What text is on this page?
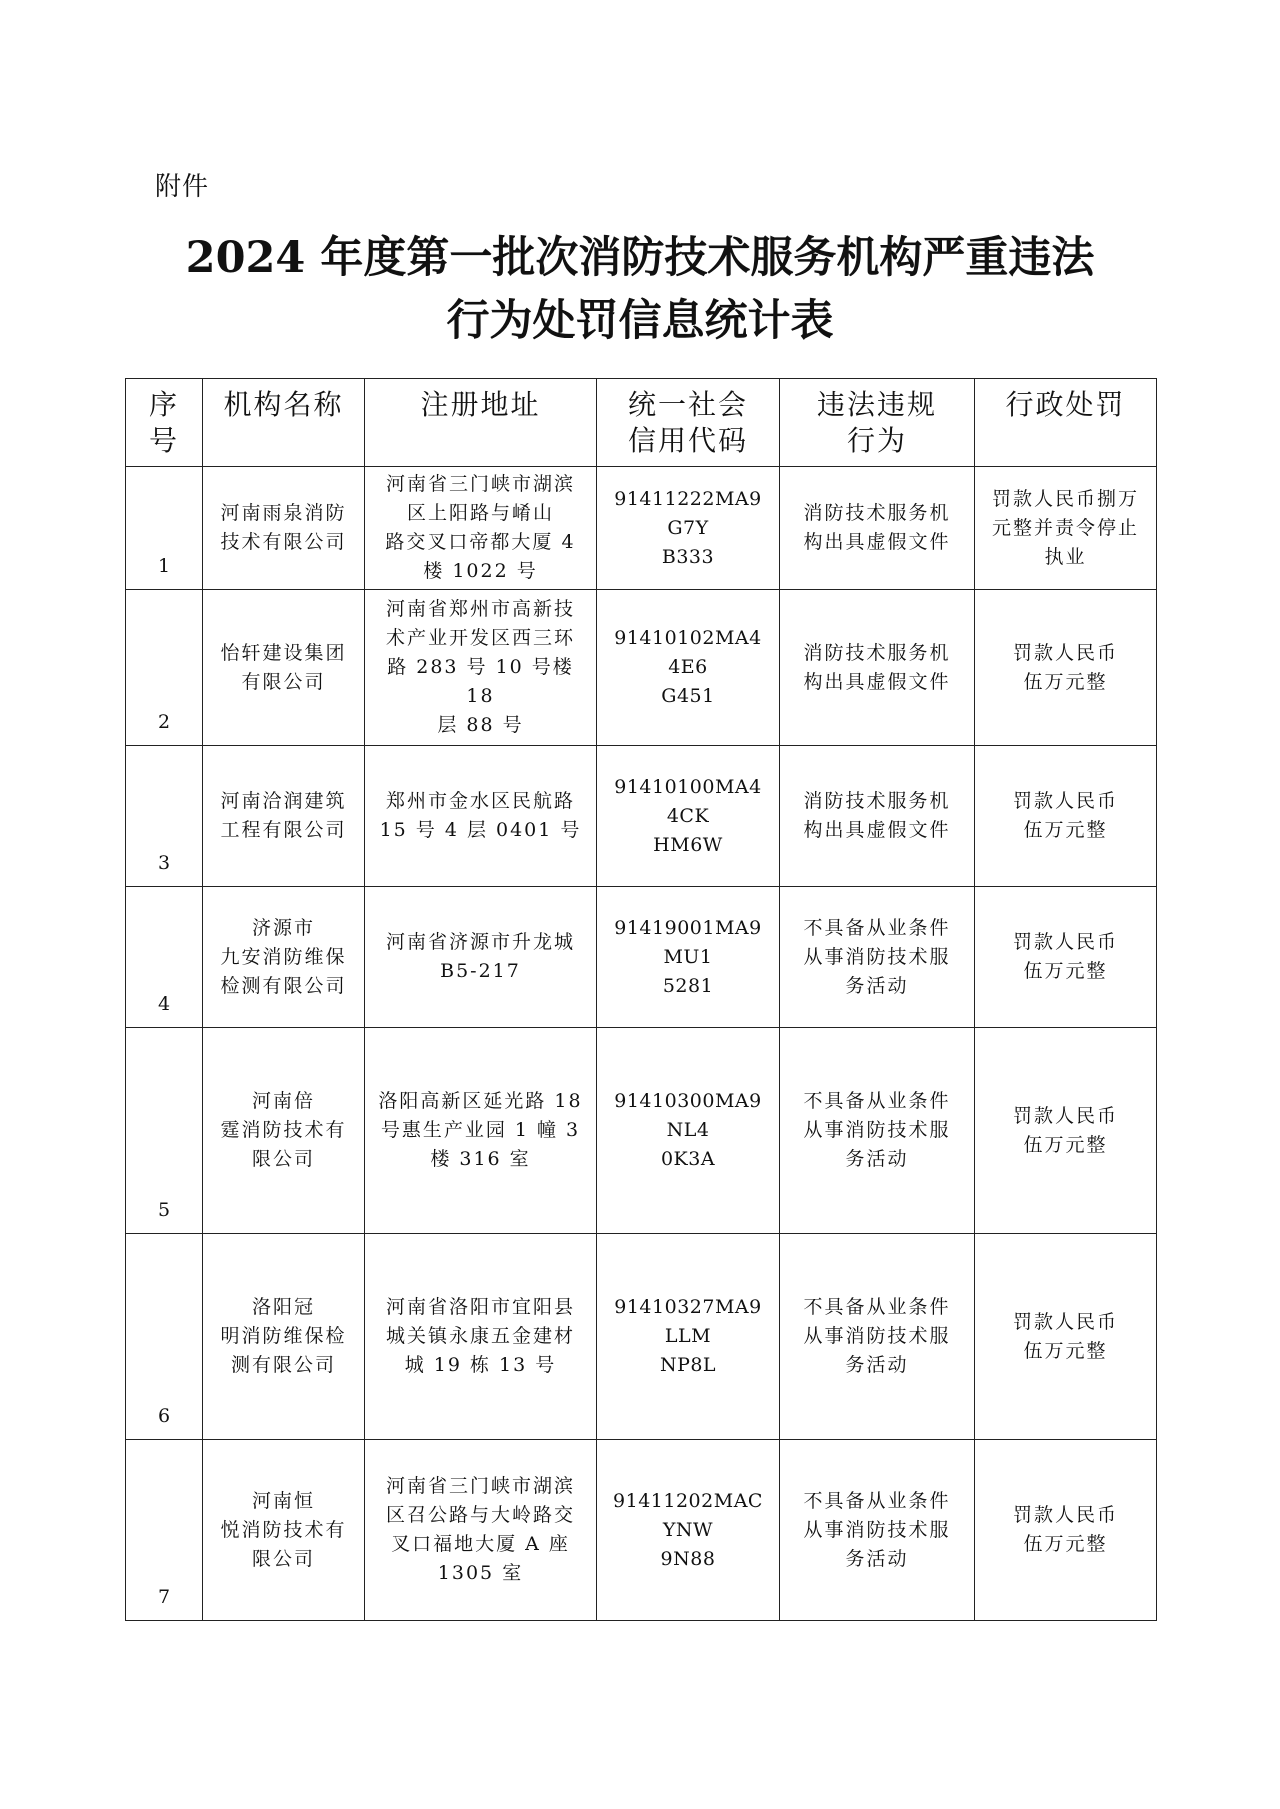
附件
2024 年度第一批次消防技术服务机构严重违法
行为处罚信息统计表
序
号	机构名称	注册地址	统一社会
信用代码	违法违规
行为	行政处罚

1	河南雨泉消防
技术有限公司	河南省三门峡市湖滨
区上阳路与崤山
路交叉口帝都大厦 4
楼 1022 号	91411222MA9G7Y
B333	消防技术服务机
构出具虚假文件	罚款人民币捌万
元整并责令停止
执业

2	怡轩建设集团
有限公司	河南省郑州市高新技
术产业开发区西三环
路 283 号 10 号楼 18
层 88 号	91410102MA44E6
G451	消防技术服务机
构出具虚假文件	罚款人民币
伍万元整

3	河南洽润建筑
工程有限公司	郑州市金水区民航路
15 号 4 层 0401 号	91410100MA44CK
HM6W	消防技术服务机
构出具虚假文件	罚款人民币
伍万元整

4	济源市
九安消防维保
检测有限公司	河南省济源市升龙城
B5-217	91419001MA9MU1
5281	不具备从业条件
从事消防技术服
务活动	罚款人民币
伍万元整

5	河南倍
霆消防技术有
限公司	洛阳高新区延光路 18
号惠生产业园 1 幢 3
楼 316 室	91410300MA9NL4
0K3A	不具备从业条件
从事消防技术服
务活动	罚款人民币
伍万元整

6	洛阳冠
明消防维保检
测有限公司	河南省洛阳市宜阳县
城关镇永康五金建材
城 19 栋 13 号	91410327MA9LLM
NP8L	不具备从业条件
从事消防技术服
务活动	罚款人民币
伍万元整

7	河南恒
悦消防技术有
限公司	河南省三门峡市湖滨
区召公路与大岭路交
叉口福地大厦 A 座
1305 室	91411202MACYNW
9N88	不具备从业条件
从事消防技术服
务活动	罚款人民币
伍万元整
